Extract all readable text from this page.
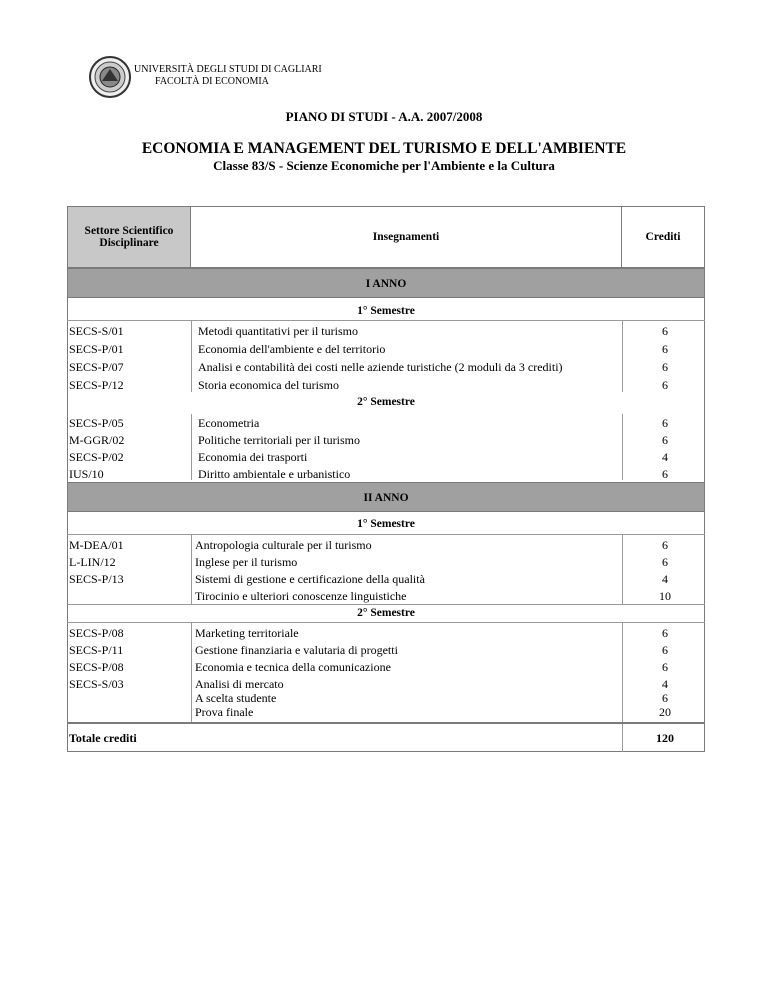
UNIVERSITÀ DEGLI STUDI DI CAGLIARI
FACOLTÀ DI ECONOMIA
PIANO DI STUDI - A.A. 2007/2008
ECONOMIA E MANAGEMENT DEL TURISMO E DELL'AMBIENTE
Classe 83/S - Scienze Economiche per l'Ambiente e la Cultura
Settore Scientifico Disciplinare	Insegnamenti	Crediti
I ANNO
1° Semestre
SECS-S/01	Metodi quantitativi per il turismo	6
SECS-P/01	Economia dell'ambiente e del territorio	6
SECS-P/07	Analisi e contabilità dei costi nelle aziende turistiche (2 moduli da 3 crediti)	6
SECS-P/12	Storia economica del turismo	6
2° Semestre
SECS-P/05	Econometria	6
M-GGR/02	Politiche territoriali per il turismo	6
SECS-P/02	Economia dei trasporti	4
IUS/10	Diritto ambientale e urbanistico	6
II ANNO
1° Semestre
M-DEA/01	Antropologia culturale per il turismo	6
L-LIN/12	Inglese per il turismo	6
SECS-P/13	Sistemi di gestione e certificazione della qualità	4
Tirocinio e ulteriori conoscenze linguistiche	10
2° Semestre
SECS-P/08	Marketing territoriale	6
SECS-P/11	Gestione finanziaria e valutaria di progetti	6
SECS-P/08	Economia e tecnica della comunicazione	6
SECS-S/03	Analisi di mercato	4
A scelta studente	6
Prova finale	20
Totale crediti	120
